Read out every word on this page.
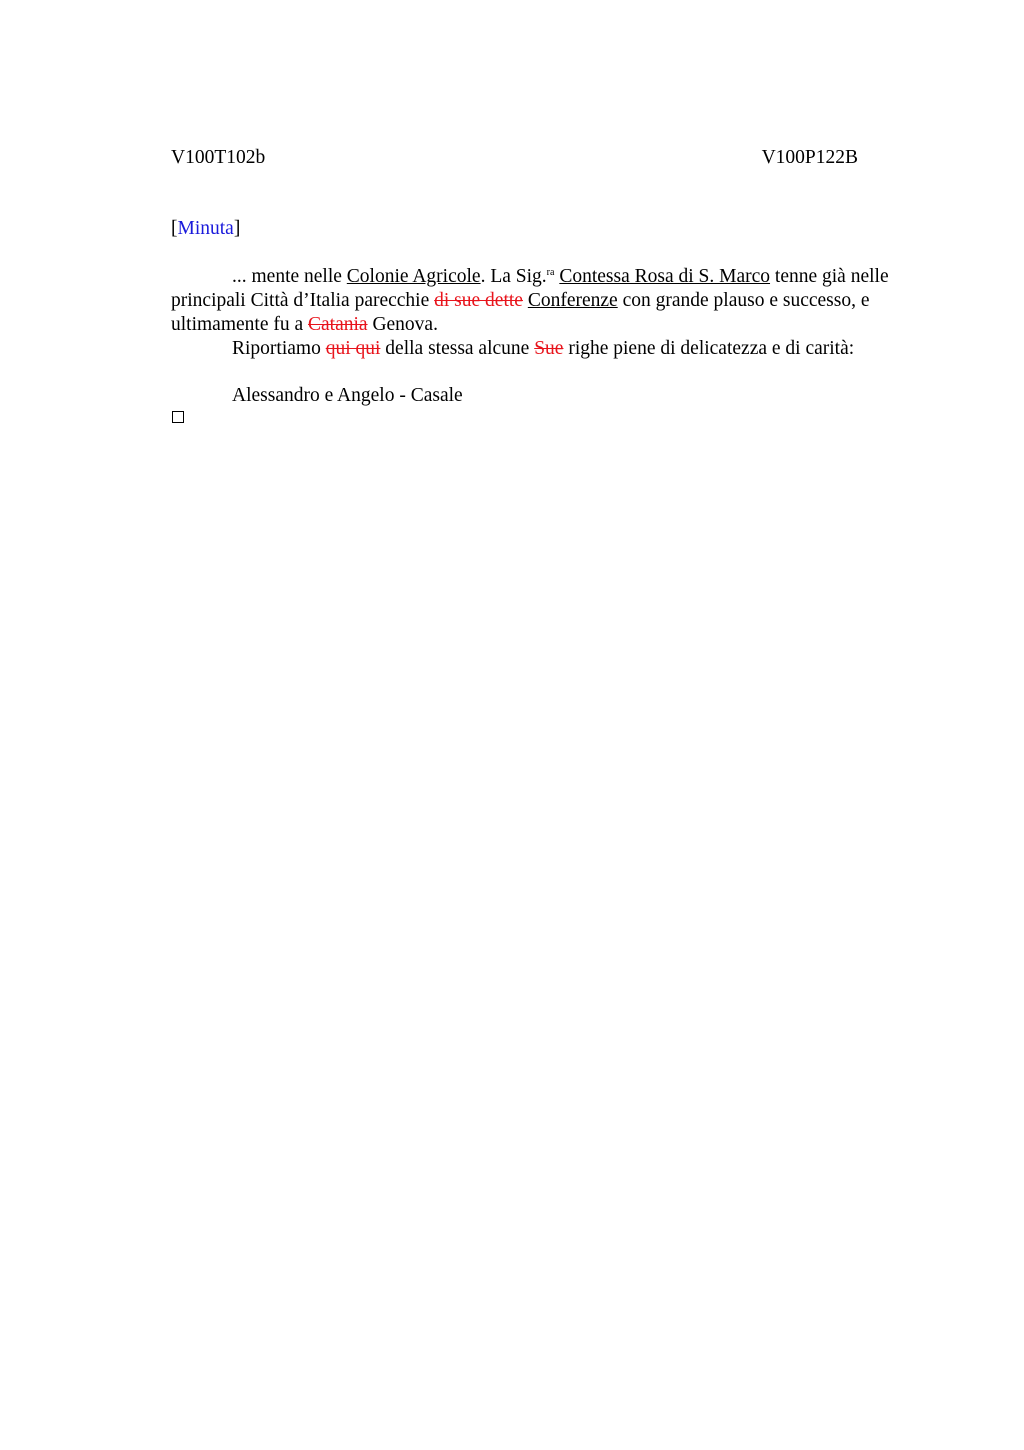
V100T102b	V100P122B
[Minuta]

... mente nelle Colonie Agricole. La Sig.$^{ra}$ Contessa Rosa di S. Marco tenne già nelle principali Città d’Italia parecchie di sue dette Conferenze con grande plauso e successo, e ultimamente fu a Catania Genova.

Riportiamo qui qui della stessa alcune Sue righe piene di delicatezza e di carità:

Alessandro e Angelo - Casale
